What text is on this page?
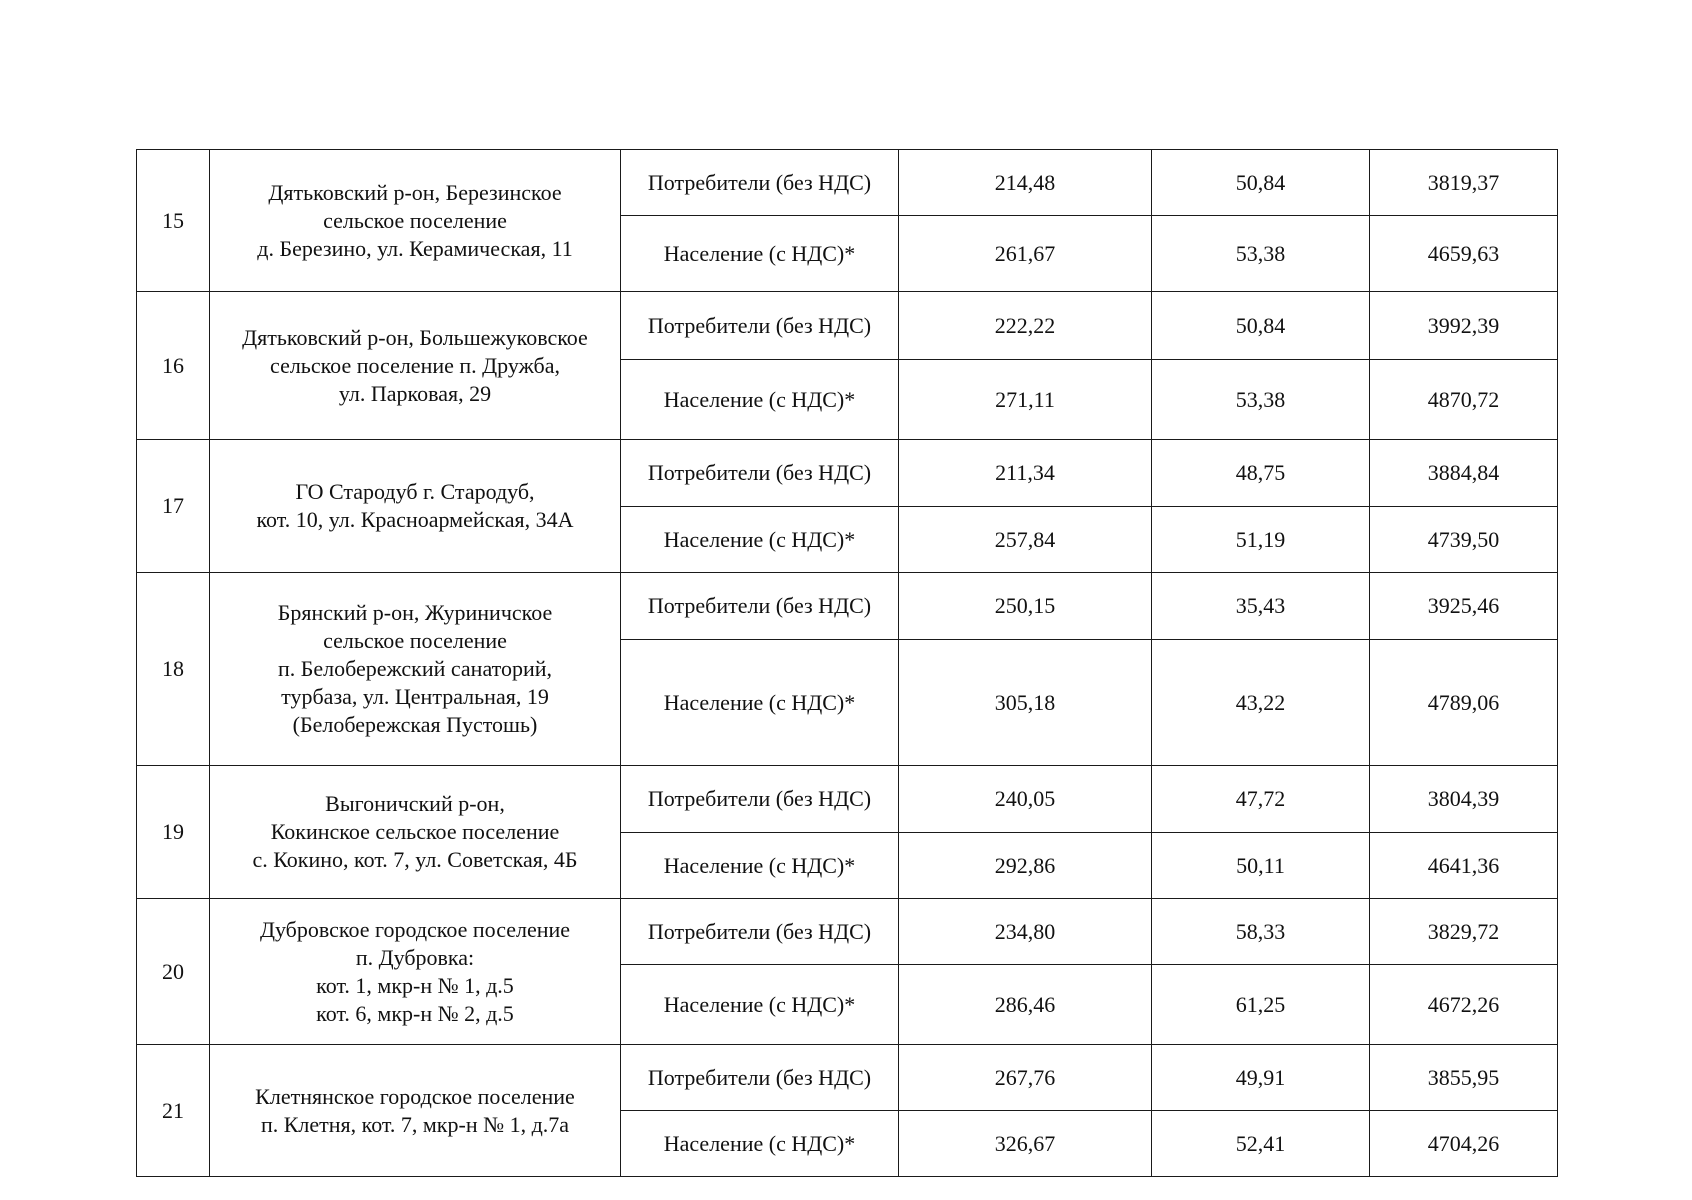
15	Дятьковский р-он, Березинское
сельское поселение
д. Березино, ул. Керамическая, 11	Потребители (без НДС)	214,48	50,84	3819,37
		Население (с НДС)*	261,67	53,38	4659,63
16	Дятьковский р-он, Большежуковское
сельское поселение п. Дружба,
ул. Парковая, 29	Потребители (без НДС)	222,22	50,84	3992,39
		Население (с НДС)*	271,11	53,38	4870,72
17	ГО Стародуб г. Стародуб,
кот. 10, ул. Красноармейская, 34А	Потребители (без НДС)	211,34	48,75	3884,84
		Население (с НДС)*	257,84	51,19	4739,50
18	Брянский р-он, Журиничское
сельское поселение
п. Белобережский санаторий,
турбаза, ул. Центральная, 19
(Белобережская Пустошь)	Потребители (без НДС)	250,15	35,43	3925,46
		Население (с НДС)*	305,18	43,22	4789,06
19	Выгоничский р-он,
Кокинское сельское поселение
с. Кокино, кот. 7, ул. Советская, 4Б	Потребители (без НДС)	240,05	47,72	3804,39
		Население (с НДС)*	292,86	50,11	4641,36
20	Дубровское городское поселение
п. Дубровка:
кот. 1, мкр-н № 1, д.5
кот. 6, мкр-н № 2, д.5	Потребители (без НДС)	234,80	58,33	3829,72
		Население (с НДС)*	286,46	61,25	4672,26
21	Клетнянское городское поселение
п. Клетня, кот. 7, мкр-н № 1, д.7а	Потребители (без НДС)	267,76	49,91	3855,95
		Население (с НДС)*	326,67	52,41	4704,26
